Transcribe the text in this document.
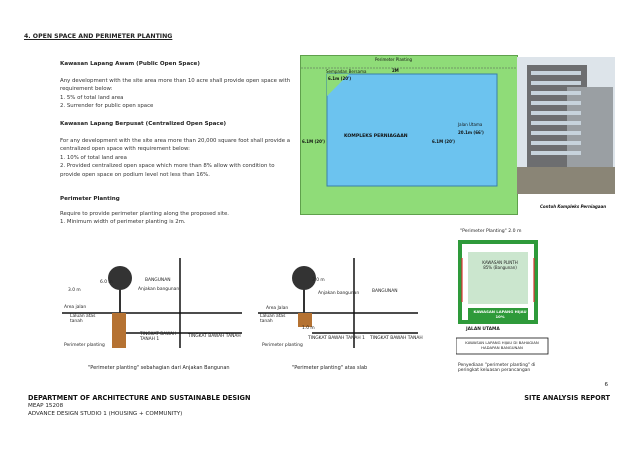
4. OPEN SPACE AND PERIMETER PLANTING
Kawasan Lapang Awam (Public Open Space)
Any development with the site area more than 10 acre shall provide open space with requirement below:
1. 5% of total land area
2. Surrender for public open space
Kawasan Lapang Berpusat (Centralized Open Space)
For any development with the site area more than 20,000 square foot shall provide a centralized open space with requirement below:
1. 10% of total land area
2. Provided centralized open space which more than 8% allow with condition to provide open space on podium level not less than 16%.
Perimeter Planting
Require to provide perimeter planting along the proposed site.
1. Minimum width of perimeter planting is 2m.
Perimeter Planting
Sempadan Bersama
6.1m (20')
2M
Jalan Utama
20.1m (66')
KOMPLEKS PERNIAGAAN
6.1M (20')	6.1M (20')
Contoh Kompleks Perniagaan
6.0 m
3.0 m
BANGUNAN
Anjakan bangunan
Area jalan
Laluan atas tanah
TINGKAT BAWAH TANAH 1
TINGKAT BAWAH TANAH
Perimeter planting
"Perimeter planting" sebahagian dari Anjakan Bangunan
3.0 m
Anjakan bangunan	BANGUNAN
Area Jalan
Laluan atas tanah
1.0 m
TINGKAT BAWAH TANAH 1 TINGKAT BAWAH TANAH
Perimeter planting
"Perimeter planting" atas slab
"Perimeter Planting" 2.0 m
KAWASAN PLINTH 85% (Bangunan)
KAWASAN LAPANG HIJAU 10%
JALAN UTAMA
KAWASAN LAPANG HIJAU DI BAHAGIAN HADAPAN BANGUNAN
Penyediaan "perimeter planting" di peringkat keluasan perancangan
6
DEPARTMENT OF ARCHITECTURE AND SUSTAINABLE DESIGN
MEAP 15208
ADVANCE DESIGN STUDIO 1 (HOUSING + COMMUNITY)
SITE ANALYSIS REPORT
